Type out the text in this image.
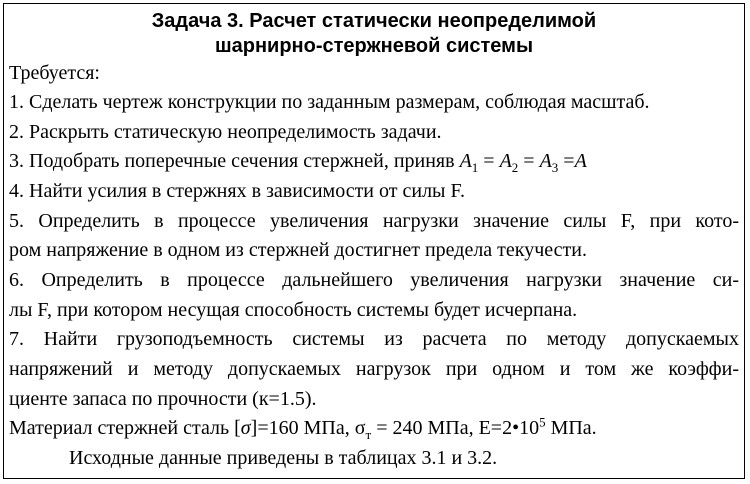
Задача 3. Расчет статически неопределимой
шарнирно-стержневой системы
Требуется:
1. Сделать чертеж конструкции по заданным размерам, соблюдая масштаб.
2. Раскрыть статическую неопределимость задачи.
3. Подобрать поперечные сечения стержней, приняв $A_1 = A_2 = A_3 =A$
4. Найти усилия в стержнях в зависимости от силы F.
5. Определить в процессе увеличения нагрузки значение силы F, при кото-
ром напряжение в одном из стержней достигнет предела текучести.
6. Определить в процессе дальнейшего увеличения нагрузки значение си-
лы F, при котором несущая способность системы будет исчерпана.
7. Найти грузоподъемность системы из расчета по методу допускаемых
напряжений и методу допускаемых нагрузок при одном и том же коэффи-
циенте запаса по прочности (к=1.5).
Материал стержней сталь [σ]=160 МПа, $\sigma_т = 240$ МПа, $Е=2•10^5$ МПа.
Исходные данные приведены в таблицах 3.1 и 3.2.
